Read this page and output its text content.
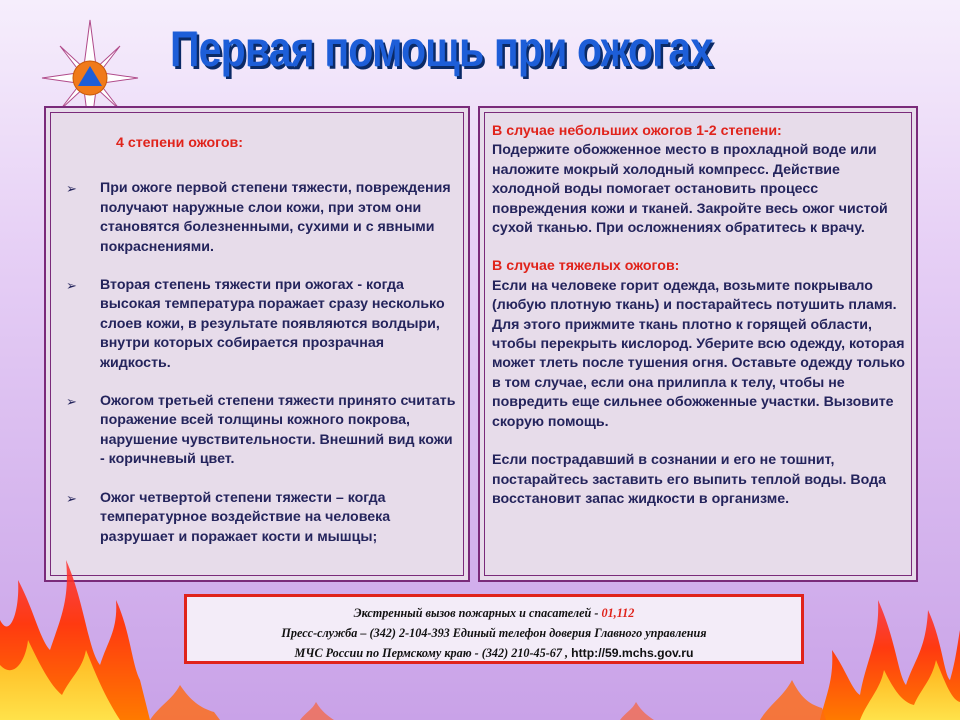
Первая помощь при ожогах
4 степени ожогов:
➢ При ожоге первой степени тяжести, повреждения получают наружные слои кожи, при этом они становятся болезненными, сухими и с явными покраснениями.
➢ Вторая степень тяжести при ожогах - когда высокая температура поражает сразу несколько слоев кожи, в результате появляются волдыри, внутри которых собирается прозрачная жидкость.
➢ Ожогом третьей степени тяжести принято считать поражение всей толщины кожного покрова, нарушение чувствительности. Внешний вид кожи - коричневый цвет.
➢ Ожог четвертой степени тяжести – когда температурное воздействие на человека разрушает и поражает кости и мышцы;

В случае небольших ожогов 1-2 степени:
Подержите обожженное место в прохладной воде или наложите мокрый холодный компресс. Действие холодной воды помогает остановить процесс повреждения кожи и тканей. Закройте весь ожог чистой сухой тканью. При осложнениях обратитесь к врачу.

В случае тяжелых ожогов:
Если на человеке горит одежда, возьмите покрывало (любую плотную ткань) и постарайтесь потушить пламя. Для этого прижмите ткань плотно к горящей области, чтобы перекрыть кислород. Уберите всю одежду, которая может тлеть после тушения огня. Оставьте одежду только в том случае, если она прилипла к телу, чтобы не повредить еще сильнее обожженные участки. Вызовите скорую помощь.

Если пострадавший в сознании и его не тошнит, постарайтесь заставить его выпить теплой воды. Вода восстановит запас жидкости в организме.

Экстренный вызов пожарных и спасателей - 01,112
Пресс-служба – (342) 2-104-393 Единый телефон доверия Главного управления
МЧС России по Пермскому краю - (342) 210-45-67 , http://59.mchs.gov.ru
